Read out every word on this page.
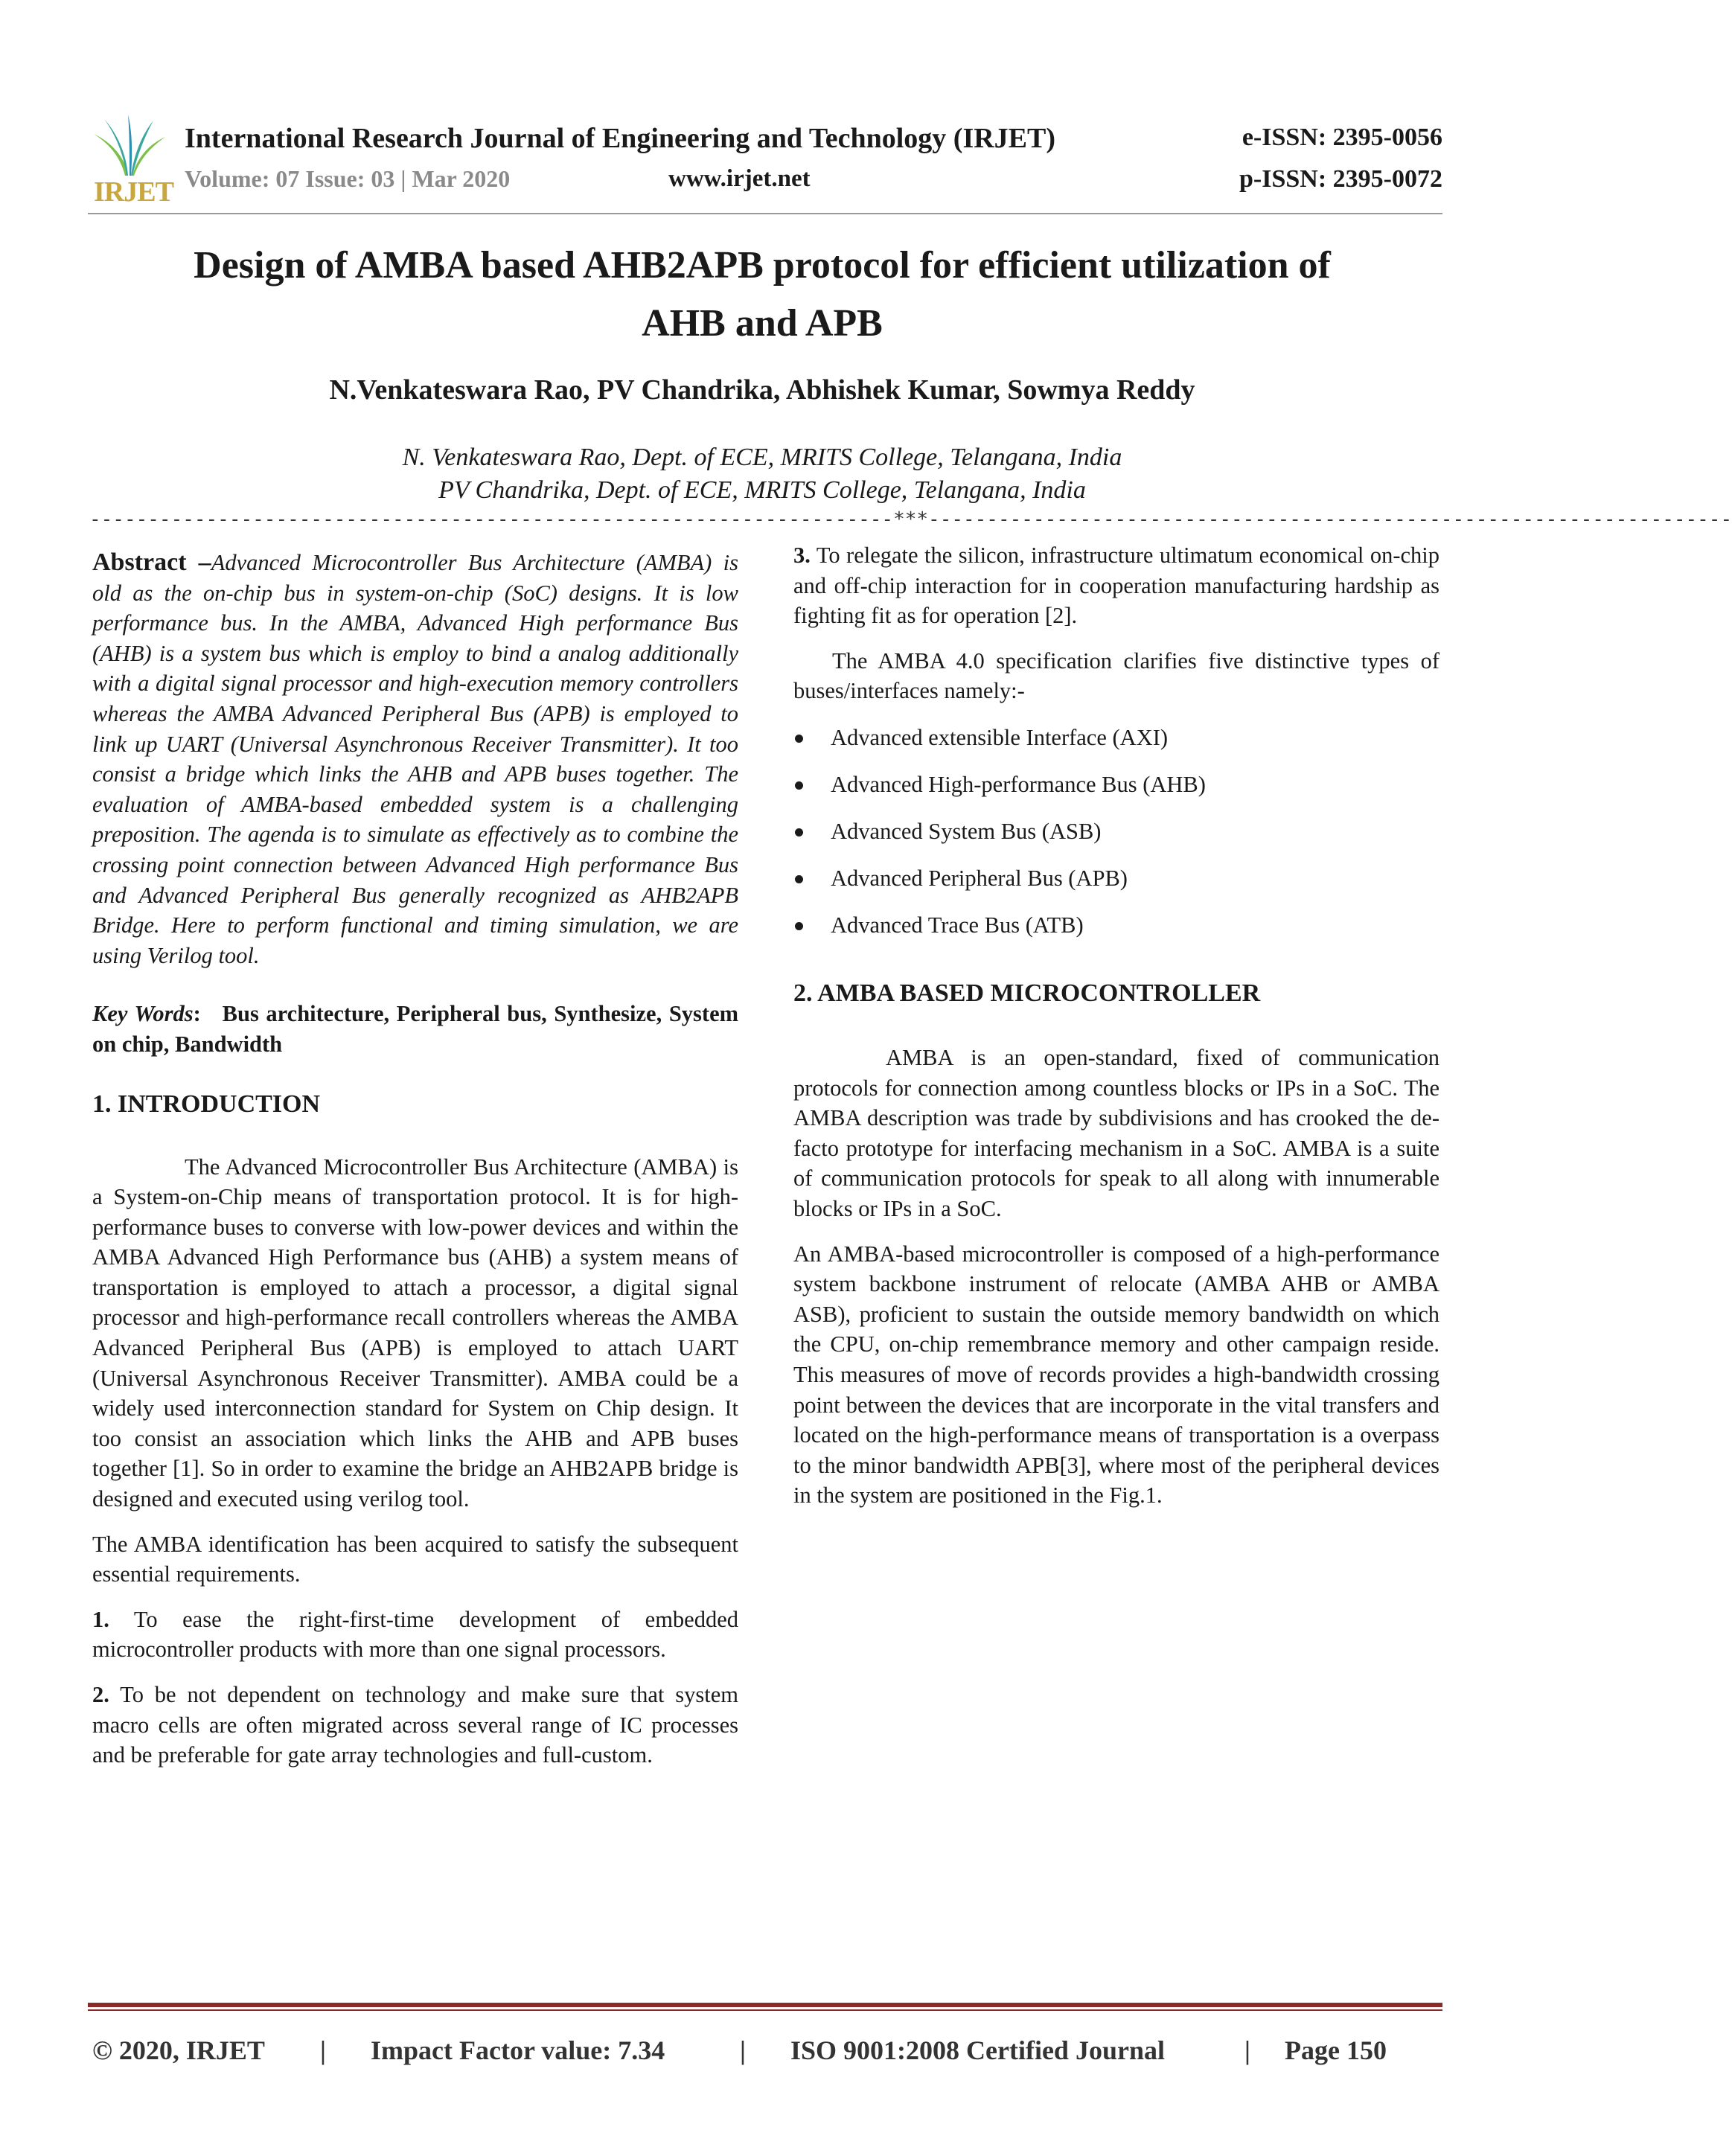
IRJET
International Research Journal of Engineering and Technology (IRJET)	e-ISSN: 2395-0056
Volume: 07 Issue: 03 | Mar 2020	www.irjet.net	p-ISSN: 2395-0072
Design of AMBA based AHB2APB protocol for efficient utilization of
AHB and APB
N.Venkateswara Rao, PV Chandrika, Abhishek Kumar, Sowmya Reddy
N. Venkateswara Rao, Dept. of ECE, MRITS College, Telangana, India
PV Chandrika, Dept. of ECE, MRITS College, Telangana, India
---------------------------------------------------------------------***---------------------------------------------------------------------

Abstract –Advanced Microcontroller Bus Architecture (AMBA) is old as the on-chip bus in system-on-chip (SoC) designs. It is low performance bus. In the AMBA, Advanced High performance Bus (AHB) is a system bus which is employ to bind a analog additionally with a digital signal processor and high-execution memory controllers whereas the AMBA Advanced Peripheral Bus (APB) is employed to link up UART (Universal Asynchronous Receiver Transmitter). It too consist a bridge which links the AHB and APB buses together. The evaluation of AMBA-based embedded system is a challenging preposition. The agenda is to simulate as effectively as to combine the crossing point connection between Advanced High performance Bus and Advanced Peripheral Bus generally recognized as AHB2APB Bridge. Here to perform functional and timing simulation, we are using Verilog tool.

Key Words: Bus architecture, Peripheral bus, Synthesize, System on chip, Bandwidth

1. INTRODUCTION

The Advanced Microcontroller Bus Architecture (AMBA) is a System-on-Chip means of transportation protocol. It is for high-performance buses to converse with low-power devices and within the AMBA Advanced High Performance bus (AHB) a system means of transportation is employed to attach a processor, a digital signal processor and high-performance recall controllers whereas the AMBA Advanced Peripheral Bus (APB) is employed to attach UART (Universal Asynchronous Receiver Transmitter). AMBA could be a widely used interconnection standard for System on Chip design. It too consist an association which links the AHB and APB buses together [1]. So in order to examine the bridge an AHB2APB bridge is designed and executed using verilog tool.

The AMBA identification has been acquired to satisfy the subsequent essential requirements.

1. To ease the right-first-time development of embedded microcontroller products with more than one signal processors.

2. To be not dependent on technology and make sure that system macro cells are often migrated across several range of IC processes and be preferable for gate array technologies and full-custom.

3. To relegate the silicon, infrastructure ultimatum economical on-chip and off-chip interaction for in cooperation manufacturing hardship as fighting fit as for operation [2].

The AMBA 4.0 specification clarifies five distinctive types of buses/interfaces namely:-

Advanced extensible Interface (AXI)
Advanced High-performance Bus (AHB)
Advanced System Bus (ASB)
Advanced Peripheral Bus (APB)
Advanced Trace Bus (ATB)
2. AMBA BASED MICROCONTROLLER

AMBA is an open-standard, fixed of communication protocols for connection among countless blocks or IPs in a SoC. The AMBA description was trade by subdivisions and has crooked the de-facto prototype for interfacing mechanism in a SoC. AMBA is a suite of communication protocols for speak to all along with innumerable blocks or IPs in a SoC.

An AMBA-based microcontroller is composed of a high-performance system backbone instrument of relocate (AMBA AHB or AMBA ASB), proficient to sustain the outside memory bandwidth on which the CPU, on-chip remembrance memory and other campaign reside. This measures of move of records provides a high-bandwidth crossing point between the devices that are incorporate in the vital transfers and located on the high-performance means of transportation is a overpass to the minor bandwidth APB[3], where most of the peripheral devices in the system are positioned in the Fig.1.

© 2020, IRJET | Impact Factor value: 7.34	| ISO 9001:2008 Certified Journal	| Page 150
